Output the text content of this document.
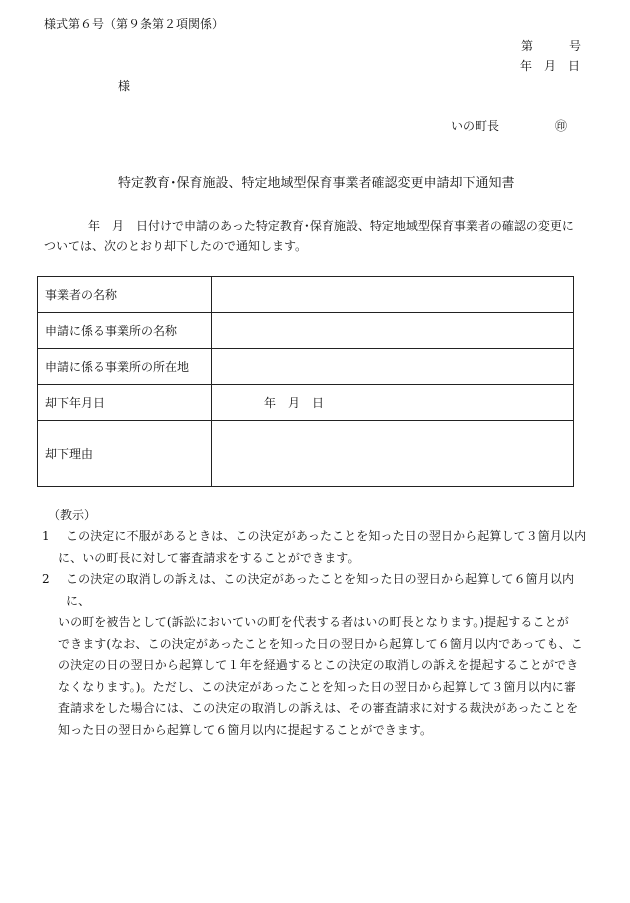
様式第６号（第９条第２項関係）
第　　　号
年　月　日
様
いの町長	㊞
特定教育･保育施設、特定地域型保育事業者確認変更申請却下通知書
年　月　日付けで申請のあった特定教育･保育施設、特定地域型保育事業者の確認の変更に
ついては、次のとおり却下したので通知します。
事業者の名称	
申請に係る事業所の名称	
申請に係る事業所の所在地	
却下年月日	年　月　日
却下理由	
（教示）
1	この決定に不服があるときは、この決定があったことを知った日の翌日から起算して３箇月以内
に、いの町長に対して審査請求をすることができます。
2	この決定の取消しの訴えは、この決定があったことを知った日の翌日から起算して６箇月以内に、
いの町を被告として(訴訟においていの町を代表する者はいの町長となります。)提起することが
できます(なお、この決定があったことを知った日の翌日から起算して６箇月以内であっても、こ
の決定の日の翌日から起算して１年を経過するとこの決定の取消しの訴えを提起することができ
なくなります。)。ただし、この決定があったことを知った日の翌日から起算して３箇月以内に審
査請求をした場合には、この決定の取消しの訴えは、その審査請求に対する裁決があったことを
知った日の翌日から起算して６箇月以内に提起することができます。
